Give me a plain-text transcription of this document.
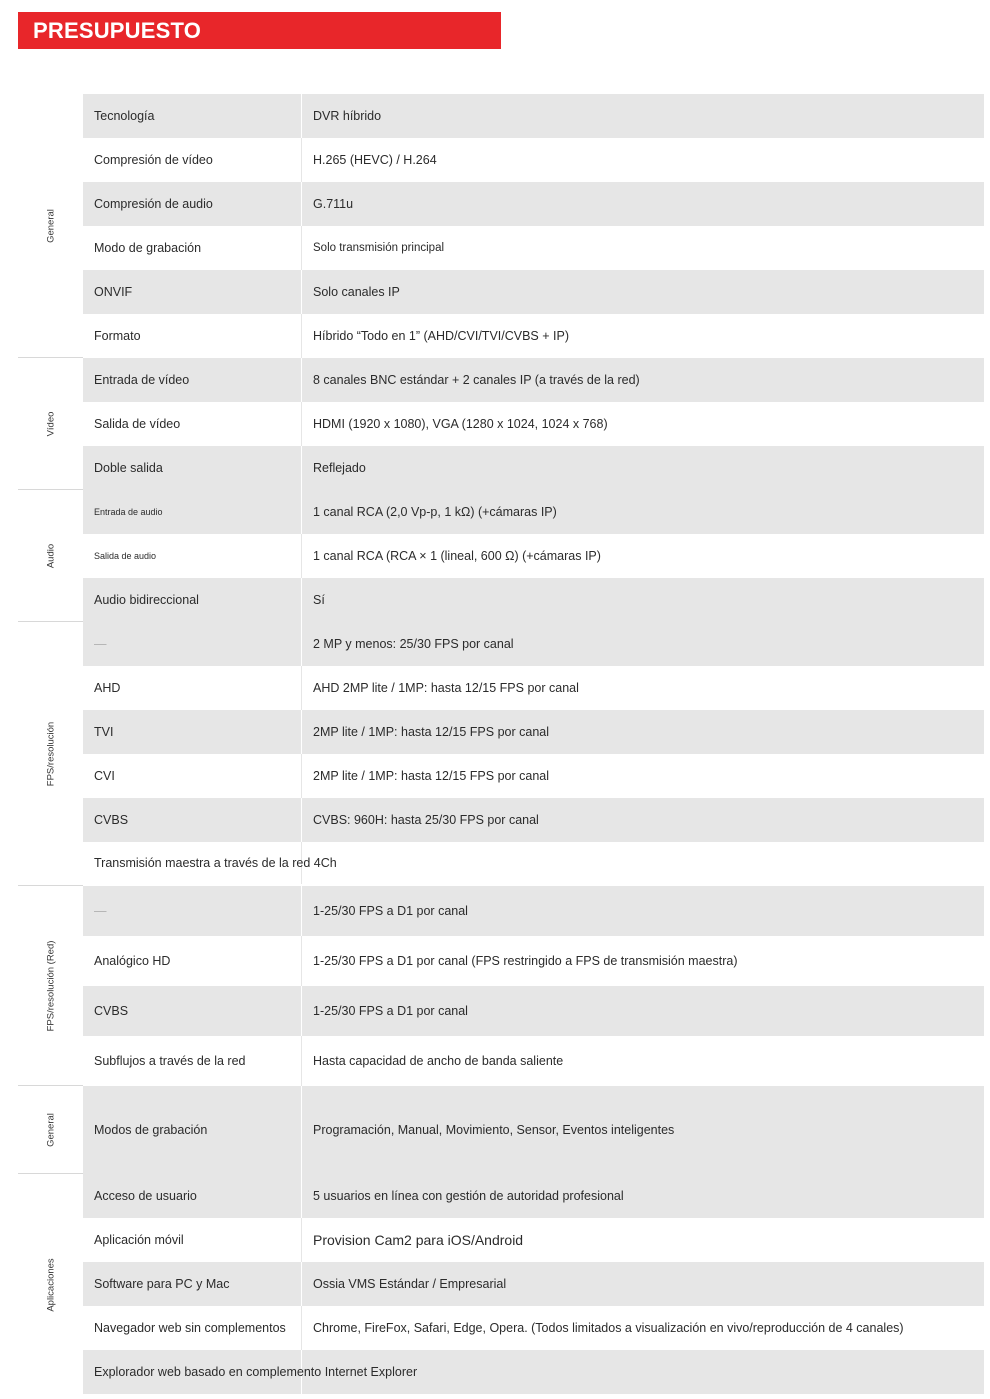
PRESUPUESTO
General
Tecnología	DVR híbrido
Compresión de vídeo	H.265 (HEVC) / H.264
Compresión de audio	G.711u
Modo de grabación	Solo transmisión principal
ONVIF	Solo canales IP
Formato	Híbrido “Todo en 1” (AHD/CVI/TVI/CVBS + IP)
Vídeo
Entrada de vídeo	8 canales BNC estándar + 2 canales IP (a través de la red)
Salida de vídeo	HDMI (1920 x 1080), VGA (1280 x 1024, 1024 x 768)
Doble salida	Reflejado
Audio
Entrada de audio	1 canal RCA (2,0 Vp-p, 1 kΩ) (+cámaras IP)
Salida de audio	1 canal RCA (RCA × 1 (lineal, 600 Ω) (+cámaras IP)
Audio bidireccional	Sí
FPS/resolución
—	2 MP y menos: 25/30 FPS por canal
AHD	AHD 2MP lite / 1MP: hasta 12/15 FPS por canal
TVI	2MP lite / 1MP: hasta 12/15 FPS por canal
CVI	2MP lite / 1MP: hasta 12/15 FPS por canal
CVBS	CVBS: 960H: hasta 25/30 FPS por canal
Transmisión maestra a través de la red 4Ch
FPS/resolución (Red)
—	1-25/30 FPS a D1 por canal
Analógico HD	1-25/30 FPS a D1 por canal (FPS restringido a FPS de transmisión maestra)
CVBS	1-25/30 FPS a D1 por canal
Subflujos a través de la red	Hasta capacidad de ancho de banda saliente
General	Modos de grabación	Programación, Manual, Movimiento, Sensor, Eventos inteligentes
Aplicaciones
Acceso de usuario	5 usuarios en línea con gestión de autoridad profesional
Aplicación móvil	Provision Cam2 para iOS/Android
Software para PC y Mac	Ossia VMS Estándar / Empresarial
Navegador web sin complementos	Chrome, FireFox, Safari, Edge, Opera. (Todos limitados a visualización en vivo/reproducción de 4 canales)
Explorador web basado en complemento Internet Explorer
